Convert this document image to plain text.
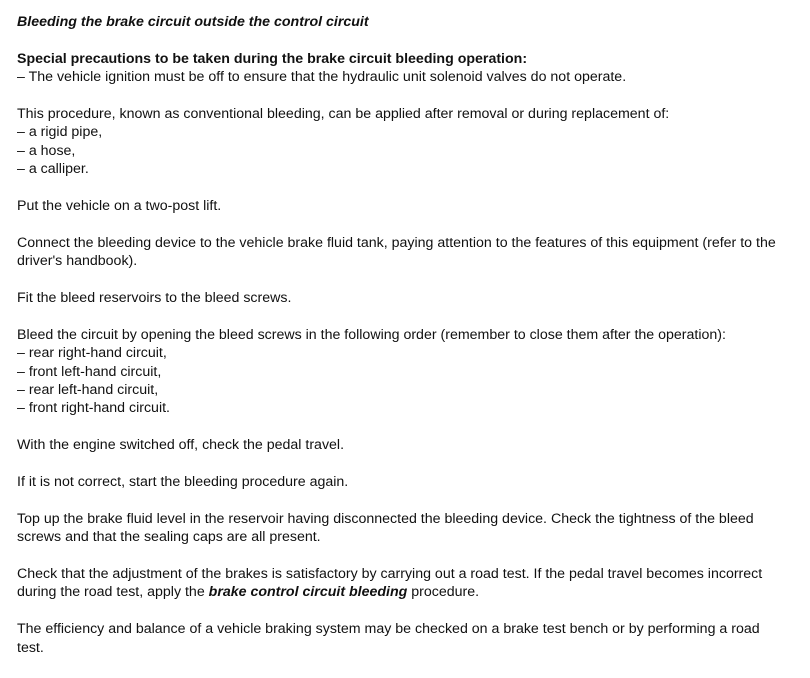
Bleeding the brake circuit outside the control circuit
Special precautions to be taken during the brake circuit bleeding operation:
– The vehicle ignition must be off to ensure that the hydraulic unit solenoid valves do not operate.
This procedure, known as conventional bleeding, can be applied after removal or during replacement of:
– a rigid pipe,
– a hose,
– a calliper.
Put the vehicle on a two-post lift.
Connect the bleeding device to the vehicle brake fluid tank, paying attention to the features of this equipment (refer to the driver's handbook).
Fit the bleed reservoirs to the bleed screws.
Bleed the circuit by opening the bleed screws in the following order (remember to close them after the operation):
– rear right-hand circuit,
– front left-hand circuit,
– rear left-hand circuit,
– front right-hand circuit.
With the engine switched off, check the pedal travel.
If it is not correct, start the bleeding procedure again.
Top up the brake fluid level in the reservoir having disconnected the bleeding device. Check the tightness of the bleed screws and that the sealing caps are all present.
Check that the adjustment of the brakes is satisfactory by carrying out a road test. If the pedal travel becomes incorrect during the road test, apply the brake control circuit bleeding procedure.
The efficiency and balance of a vehicle braking system may be checked on a brake test bench or by performing a road test.
